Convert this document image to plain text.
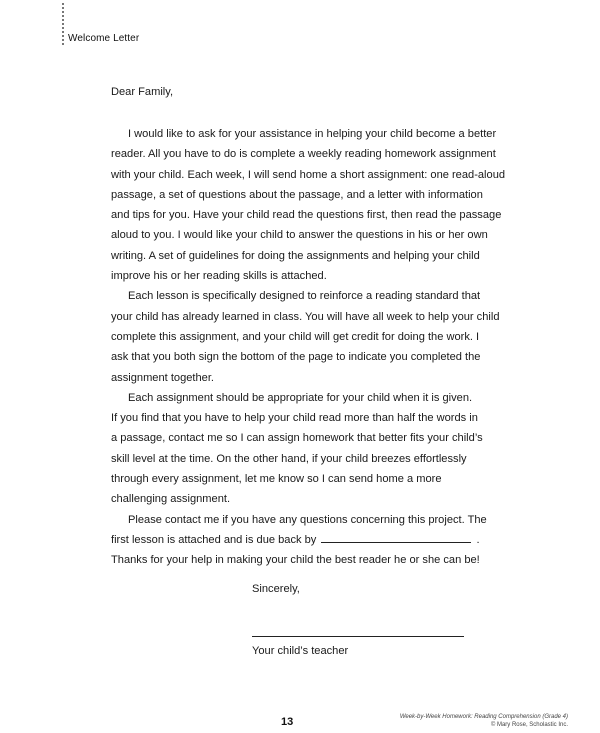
Welcome Letter
Dear Family,
I would like to ask for your assistance in helping your child become a better
reader. All you have to do is complete a weekly reading homework assignment
with your child. Each week, I will send home a short assignment: one read-aloud
passage, a set of questions about the passage, and a letter with information
and tips for you. Have your child read the questions first, then read the passage
aloud to you. I would like your child to answer the questions in his or her own
writing. A set of guidelines for doing the assignments and helping your child
improve his or her reading skills is attached.
Each lesson is specifically designed to reinforce a reading standard that
your child has already learned in class. You will have all week to help your child
complete this assignment, and your child will get credit for doing the work. I
ask that you both sign the bottom of the page to indicate you completed the
assignment together.
Each assignment should be appropriate for your child when it is given.
If you find that you have to help your child read more than half the words in
a passage, contact me so I can assign homework that better fits your child’s
skill level at the time. On the other hand, if your child breezes effortlessly
through every assignment, let me know so I can send home a more
challenging assignment.
Please contact me if you have any questions concerning this project. The
first lesson is attached and is due back by	.
Thanks for your help in making your child the best reader he or she can be!
Sincerely,
Your child’s teacher
13	Week-by-Week Homework: Reading Comprehension (Grade 4)
© Mary Rose, Scholastic Inc.
